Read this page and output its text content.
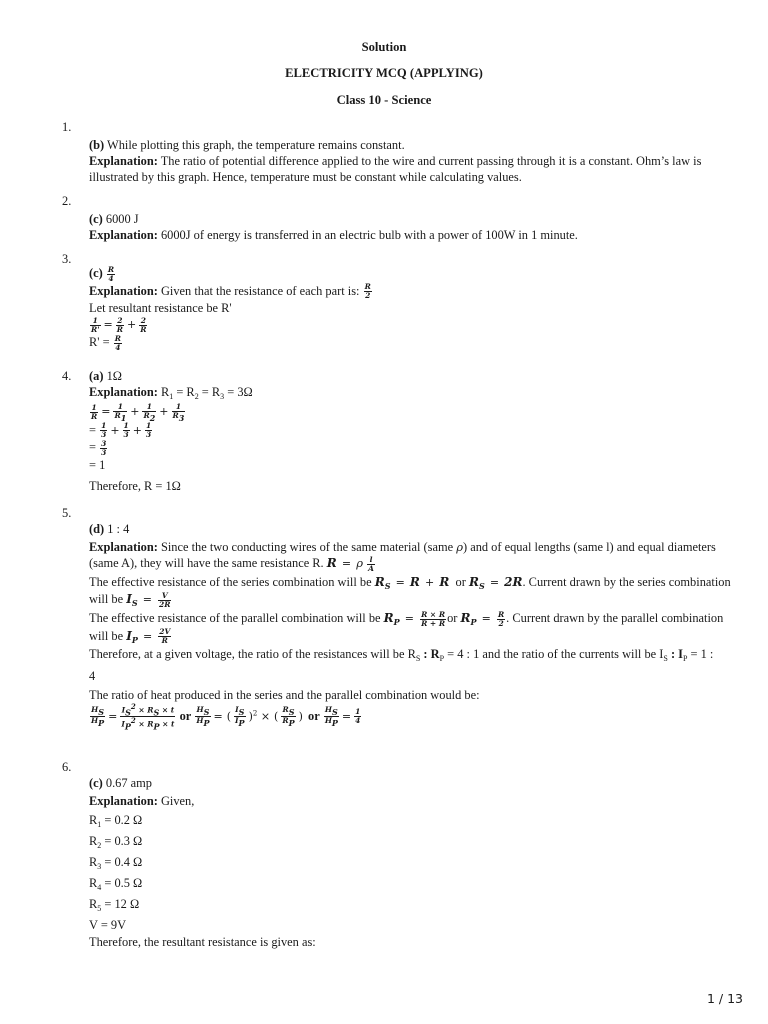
Solution
ELECTRICITY MCQ (APPLYING)
Class 10 - Science
1.
(b) While plotting this graph, the temperature remains constant.
Explanation: The ratio of potential difference applied to the wire and current passing through it is a constant. Ohm’s law is illustrated by this graph. Hence, temperature must be constant while calculating values.
2.
(c) 6000 J
Explanation: 6000J of energy is transferred in an electric bulb with a power of 100W in 1 minute.
3.
$(c) \frac{R}{4}$
Explanation: Given that the resistance of each part is: $\frac{R}{2}$
Let resultant resistance be R'
$\frac{1}{R'} = \frac{2}{R} + \frac{2}{R}$
$R' = \frac{R}{4}$
4. (a) 1Ω
Explanation: $R_1 = R_2 = R_3 = 3\Omega$
$\frac{1}{R} = \frac{1}{R_1} + \frac{1}{R_2} + \frac{1}{R_3}$
= $\frac{1}{3} + \frac{1}{3} + \frac{1}{3}$
= $\frac{3}{3}$
= 1
Therefore, R = 1Ω
5.
(d) 1 : 4
Explanation: Since the two conducting wires of the same material (same ρ) and of equal lengths (same l) and equal diameters (same A), they will have the same resistance R. R = ρ $\frac{l}{A}$
The effective resistance of the series combination will be $R_S = R + R$ or $R_S = 2R$. Current drawn by the series combination will be $I_S = \frac{V}{2R}$
The effective resistance of the parallel combination will be $R_P = \frac{R \times R}{R + R}$ or $R_P = \frac{R}{2}$ . Current drawn by the parallel combination will be $I_P = \frac{2V}{R}$
Therefore, at a given voltage, the ratio of the resistances will be $R_S$ : $R_P = 4$ : 1 and the ratio of the currents will be $I_S$ : $I_P = 1$ :
4
The ratio of heat produced in the series and the parallel combination would be:
$\frac{H_S}{H_P} = \frac{I_S^2 \times R_S \times t}{I_P^2 \times R_P \times t}$ or $\frac{H_S}{H_P}$ = ( $\frac{I_S}{I_P} )^2$ × ( $\frac{R_S}{R_P}$ ) or $\frac{H_S}{H_P} = \frac{1}{4}$
6.
(c) 0.67 amp
Explanation: Given,
$R_1 = 0.2$ Ω
$R_2 = 0.3$ Ω
$R_3 = 0.4$ Ω
$R_4 = 0.5$ Ω
$R_5 = 12$ Ω
V = 9V
Therefore, the resultant resistance is given as:
1 / 13
